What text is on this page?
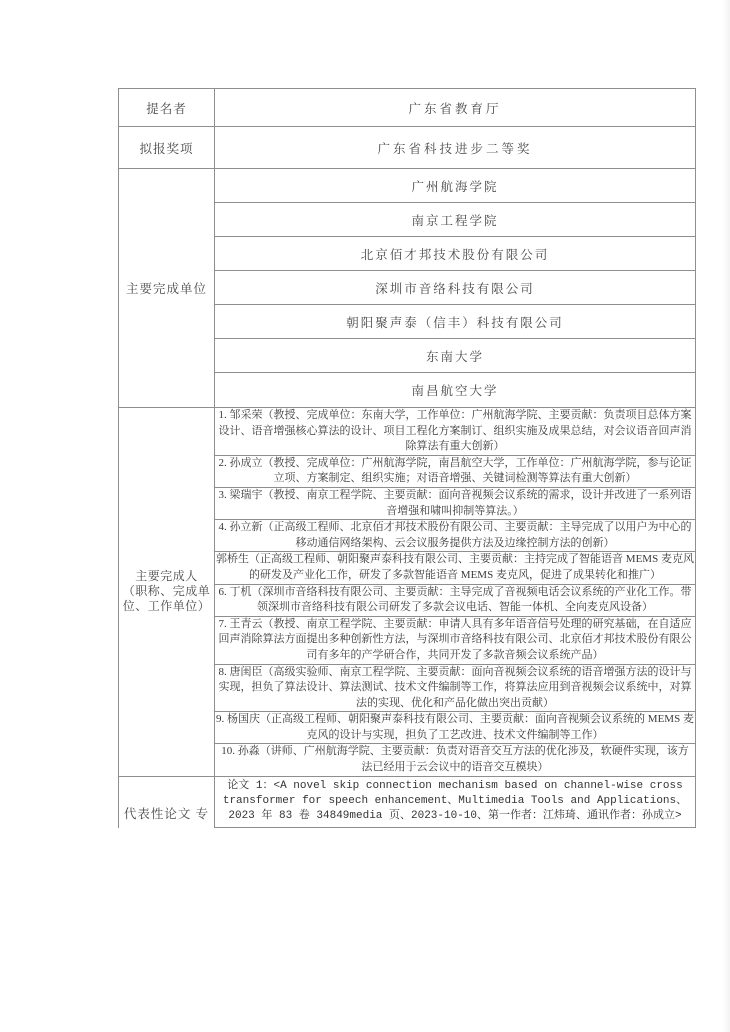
提名者	广东省教育厅
拟报奖项	广东省科技进步二等奖
主要完成单位
广州航海学院
南京工程学院
北京佰才邦技术股份有限公司
深圳市音络科技有限公司
朝阳聚声泰（信丰）科技有限公司
东南大学
南昌航空大学
主要完成人
（职称、完成单
位、工作单位）
1. 邹采荣（教授、完成单位：东南大学，工作单位：广州航海学院、主要贡献：负责项目总体方案设计、语音增强核心算法的设计、项目工程化方案制订、组织实施及成果总结，对会议语音回声消除算法有重大创新）
2. 孙成立（教授、完成单位：广州航海学院，南昌航空大学，工作单位：广州航海学院，参与论证立项、方案制定、组织实施；对语音增强、关键词检测等算法有重大创新）
3. 梁瑞宇（教授、南京工程学院、主要贡献：面向音视频会议系统的需求，设计并改进了一系列语音增强和啸叫抑制等算法。）
4. 孙立新（正高级工程师、北京佰才邦技术股份有限公司、主要贡献：主导完成了以用户为中心的移动通信网络架构、云会议服务提供方法及边缘控制方法的创新）
郭桥生（正高级工程师、朝阳聚声泰科技有限公司、主要贡献：主持完成了智能语音 MEMS 麦克风的研发及产业化工作，研发了多款智能语音 MEMS 麦克风，促进了成果转化和推广）
6. 丁机（深圳市音络科技有限公司、主要贡献：主导完成了音视频电话会议系统的产业化工作。带领深圳市音络科技有限公司研发了多款会议电话、智能一体机、全向麦克风设备）
7. 王青云（教授、南京工程学院、主要贡献：申请人具有多年语音信号处理的研究基础，在自适应回声消除算法方面提出多种创新性方法，与深圳市音络科技有限公司、北京佰才邦技术股份有限公司有多年的产学研合作，共同开发了多款音频会议系统产品）
8. 唐闺臣（高级实验师、南京工程学院、主要贡献：面向音视频会议系统的语音增强方法的设计与实现，担负了算法设计、算法测试、技术文件编制等工作，将算法应用到音视频会议系统中，对算法的实现、优化和产品化做出突出贡献）
9. 杨国庆（正高级工程师、朝阳聚声泰科技有限公司、主要贡献：面向音视频会议系统的 MEMS 麦克风的设计与实现，担负了工艺改进、技术文件编制等工作）
10. 孙淼（讲师、广州航海学院、主要贡献：负责对语音交互方法的优化涉及，软硬件实现，该方法已经用于云会议中的语音交互模块）
代表性论文 专
论文 1：<A novel skip connection mechanism based on channel-wise cross transformer for speech enhancement、Multimedia Tools and Applications、2023 年 83 卷 34849media 页、2023-10-10、第一作者：江炜琦、通讯作者：孙成立>
